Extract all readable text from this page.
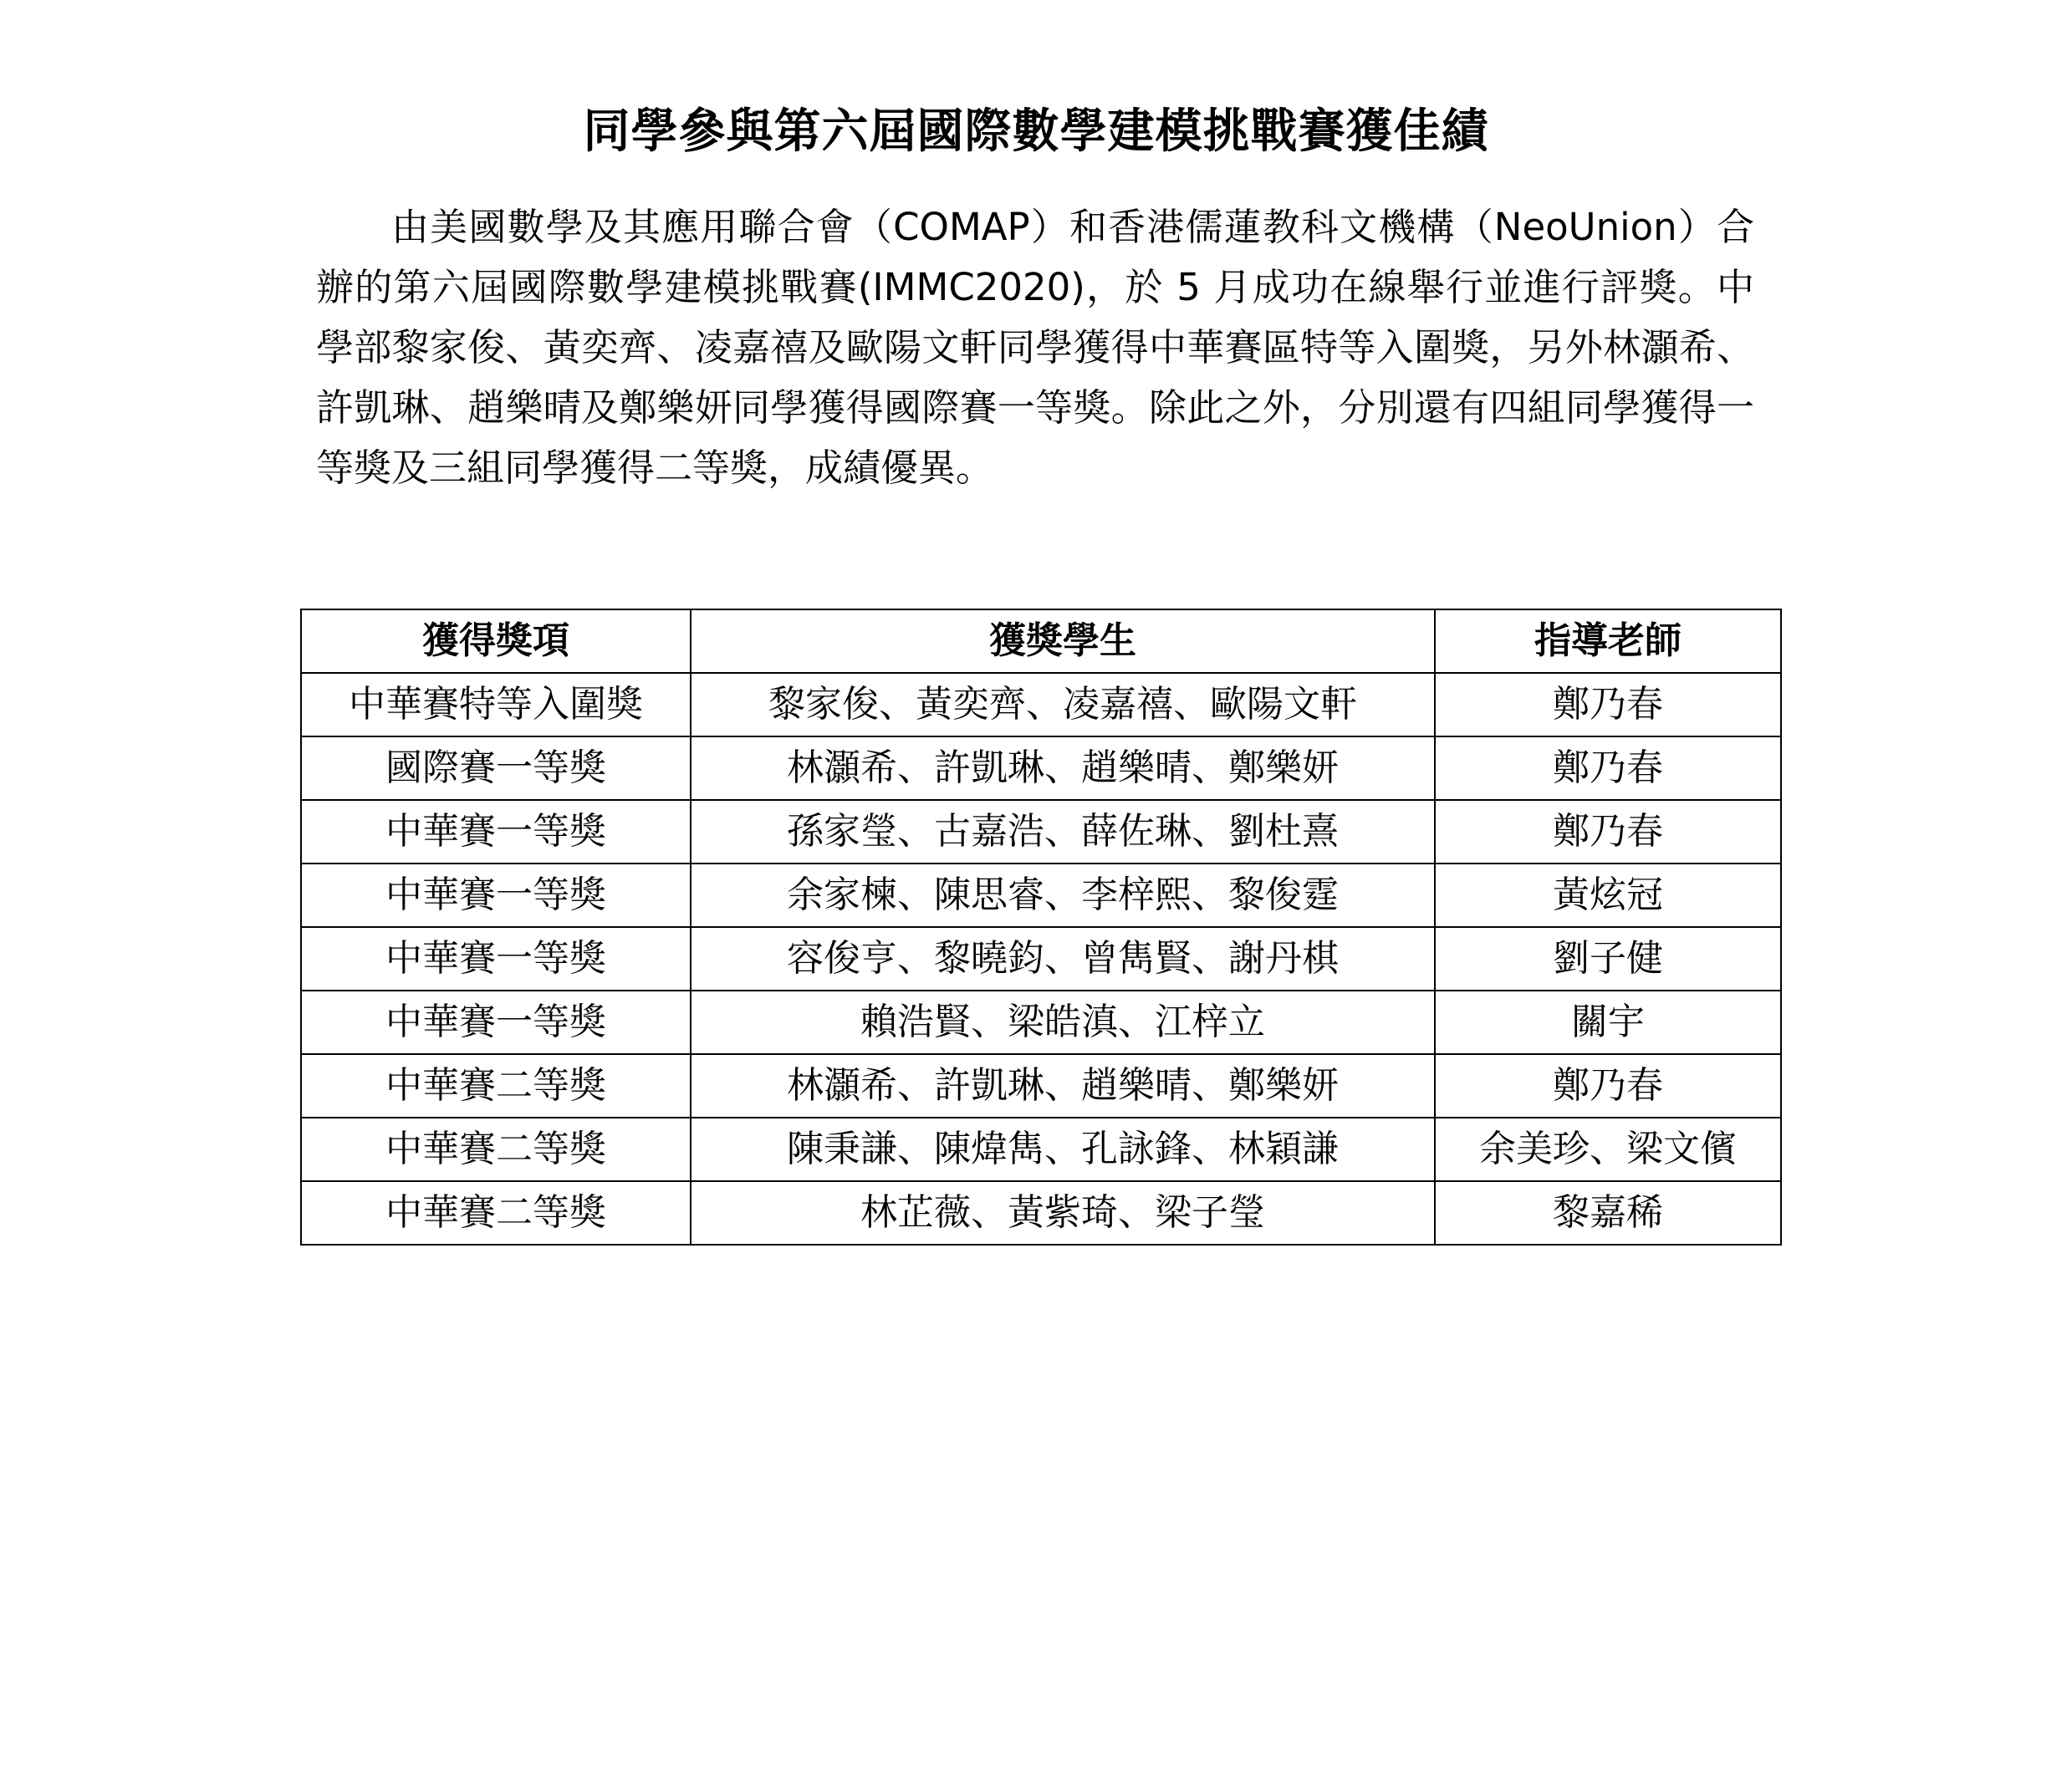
同學參與第六屆國際數學建模挑戰賽獲佳績

由美國數學及其應用聯合會（COMAP）和香港儒蓮教科文機構（NeoUnion）合辦的第六屆國際數學建模挑戰賽(IMMC2020)，於 5 月成功在線舉行並進行評獎。中學部黎家俊、黃奕齊、凌嘉禧及歐陽文軒同學獲得中華賽區特等入圍獎，另外林灝希、許凱琳、趙樂晴及鄭樂妍同學獲得國際賽一等獎。除此之外，分別還有四組同學獲得一等獎及三組同學獲得二等獎，成績優異。

獲得獎項	獲獎學生	指導老師
中華賽特等入圍獎	黎家俊、黃奕齊、凌嘉禧、歐陽文軒	鄭乃春
國際賽一等獎	林灝希、許凱琳、趙樂晴、鄭樂妍	鄭乃春
中華賽一等獎	孫家瑩、古嘉浩、薛佐琳、劉杜熹	鄭乃春
中華賽一等獎	余家楝、陳思睿、李梓熙、黎俊霆	黃炫冠
中華賽一等獎	容俊亨、黎曉鈞、曾雋賢、謝丹棋	劉子健
中華賽一等獎	賴浩賢、梁皓滇、江梓立	關宇
中華賽二等獎	林灝希、許凱琳、趙樂晴、鄭樂妍	鄭乃春
中華賽二等獎	陳秉謙、陳煒雋、孔詠鋒、林穎謙	余美珍、梁文儐
中華賽二等獎	林芷薇、黃紫琦、梁子瑩	黎嘉稀
